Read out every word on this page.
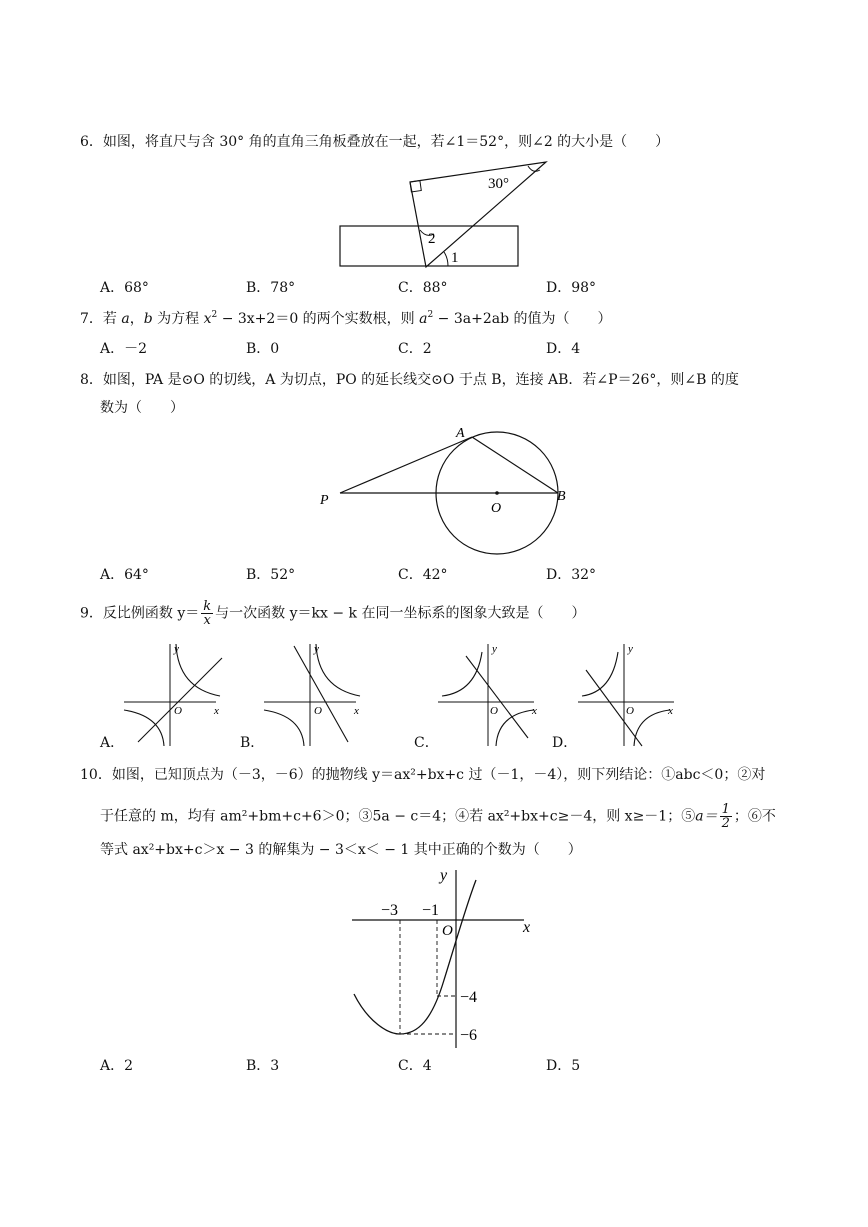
6．如图，将直尺与含 30° 角的直角三角板叠放在一起，若∠1＝52°，则∠2 的大小是（　　）
30°
2
1
A．68°	B．78°	C．88°	D．98°
7．若 a，b 为方程 $x^2 - 3x+2=0$ 的两个实数根，则 $a^2 - 3a+2ab$ 的值为（　　）
A．－2	B．0	C．2	D．4
8．如图，PA 是⊙O 的切线，A 为切点，PO 的延长线交⊙O 于点 B，连接 AB．若∠P＝26°，则∠B 的度
数为（　　）
A
P
O
B
A．64°	B．52°	C．42°	D．32°
9．反比例函数 $y= \frac{k}{x}$ 与一次函数 y＝kx − k 在同一坐标系的图象大致是（　　）
y
O	x
y
O	x
y
O	x
y
O	x
A．	B．	C．	D．
10．如图，已知顶点为（－3，－6）的抛物线 y＝ax²+bx+c 过（－1，－4），则下列结论：①abc＜0；②对
于任意的 m，均有 am²+bm+c+6＞0；③5a − c＝4；④若 ax²+bx+c≥－4，则 x≥－1；⑤a＝ $\frac{1}{2}$ ；⑥不
等式 ax²+bx+c＞x − 3 的解集为 − 3＜x＜ − 1 其中正确的个数为（　　）
y
x
O
−3 −1
−4
−6
A．2	B．3	C．4	D．5
